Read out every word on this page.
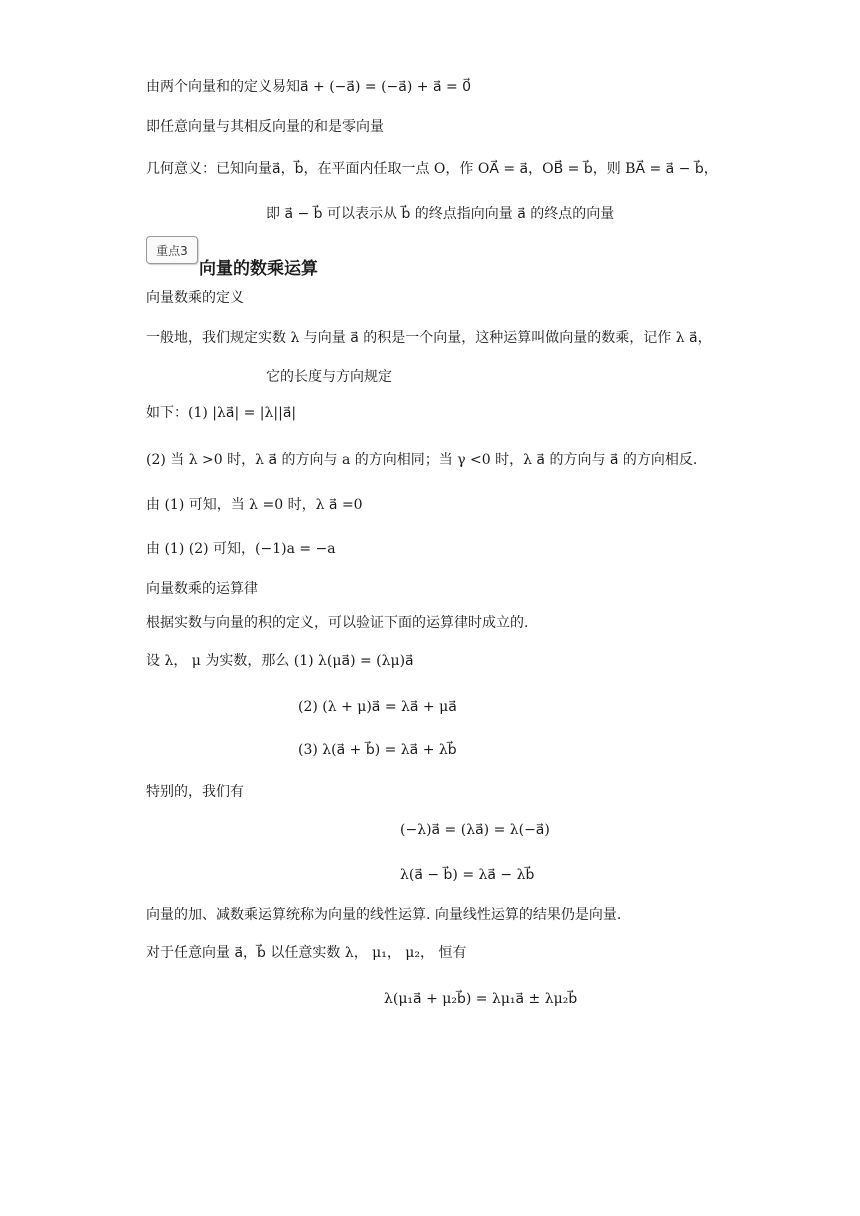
由两个向量和的定义易知a⃗ + (−a⃗) = (−a⃗) + a⃗ = 0⃗
即任意向量与其相反向量的和是零向量
几何意义：已知向量a⃗，b⃗，在平面内任取一点 O，作 OA⃗ = a⃗，OB⃗ = b⃗，则 BA⃗ = a⃗ − b⃗，
即 a⃗ − b⃗ 可以表示从 b⃗ 的终点指向向量 a⃗ 的终点的向量
重点3
向量的数乘运算
向量数乘的定义
一般地，我们规定实数 λ 与向量 a⃗ 的积是一个向量，这种运算叫做向量的数乘，记作 λ a⃗，
它的长度与方向规定
如下：(1) |λa⃗| = |λ||a⃗|
(2) 当 λ >0 时，λ a⃗ 的方向与 a 的方向相同；当 γ <0 时，λ a⃗ 的方向与 a⃗ 的方向相反.
由 (1) 可知，当 λ =0 时，λ a⃗ =0
由 (1) (2) 可知，(−1)a = −a
向量数乘的运算律
根据实数与向量的积的定义，可以验证下面的运算律时成立的.
设 λ， μ 为实数，那么 (1) λ(μa⃗) = (λμ)a⃗
(2) (λ + μ)a⃗ = λa⃗ + μa⃗
(3) λ(a⃗ + b⃗) = λa⃗ + λb⃗
特别的，我们有
(−λ)a⃗ = (λa⃗) = λ(−a⃗)
λ(a⃗ − b⃗) = λa⃗ − λb⃗
向量的加、减数乘运算统称为向量的线性运算. 向量线性运算的结果仍是向量.
对于任意向量 a⃗，b⃗ 以任意实数 λ， μ₁， μ₂， 恒有
λ(μ₁a⃗ + μ₂b⃗) = λμ₁a⃗ ± λμ₂b⃗
